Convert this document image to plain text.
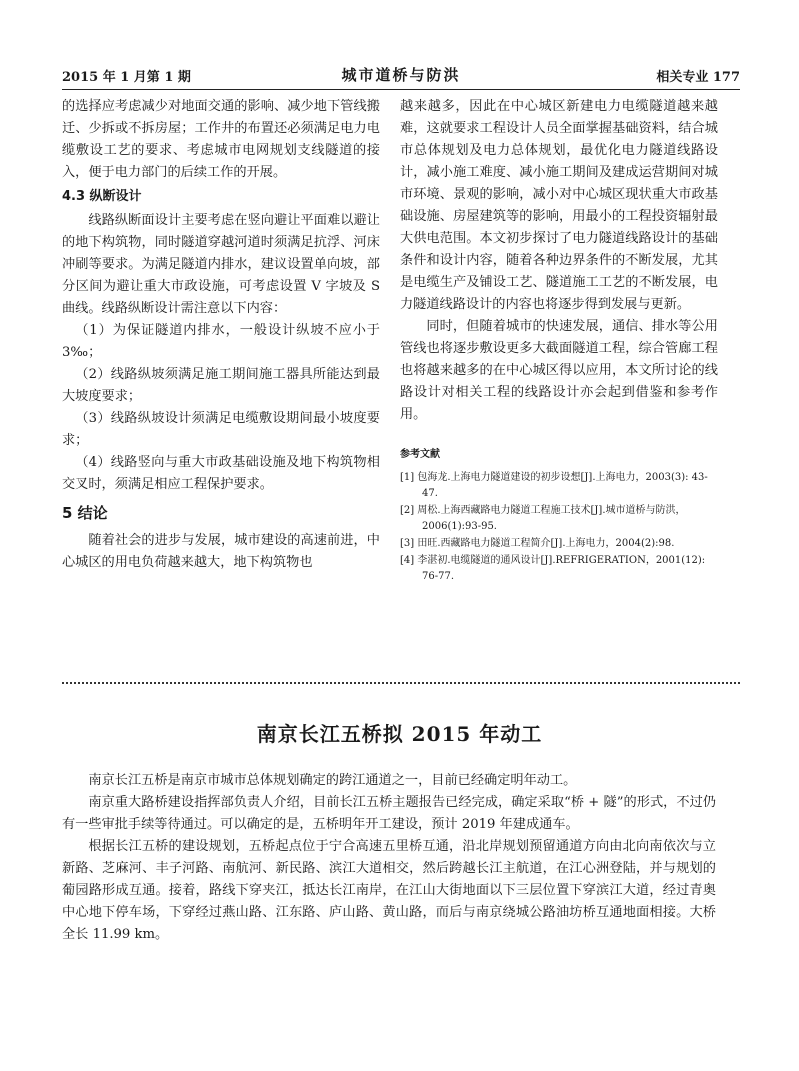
2015 年 1 月第 1 期	城市道桥与防洪	相关专业 177

的选择应考虑减少对地面交通的影响、减少地下管线搬迁、少拆或不拆房屋；工作井的布置还必须满足电力电缆敷设工艺的要求、考虑城市电网规划支线隧道的接入，便于电力部门的后续工作的开展。

4.3 纵断设计

线路纵断面设计主要考虑在竖向避让平面难以避让的地下构筑物，同时隧道穿越河道时须满足抗浮、河床冲刷等要求。为满足隧道内排水，建议设置单向坡，部分区间为避让重大市政设施，可考虑设置 V 字坡及 S 曲线。线路纵断设计需注意以下内容：

（1）为保证隧道内排水，一般设计纵坡不应小于 3‰；

（2）线路纵坡须满足施工期间施工器具所能达到最大坡度要求；

（3）线路纵坡设计须满足电缆敷设期间最小坡度要求；

（4）线路竖向与重大市政基础设施及地下构筑物相交叉时，须满足相应工程保护要求。

5 结论

随着社会的进步与发展，城市建设的高速前进，中心城区的用电负荷越来越大，地下构筑物也

越来越多，因此在中心城区新建电力电缆隧道越来越难，这就要求工程设计人员全面掌握基础资料，结合城市总体规划及电力总体规划，最优化电力隧道线路设计，减小施工难度、减小施工期间及建成运营期间对城市环境、景观的影响，减小对中心城区现状重大市政基础设施、房屋建筑等的影响，用最小的工程投资辐射最大供电范围。本文初步探讨了电力隧道线路设计的基础条件和设计内容，随着各种边界条件的不断发展，尤其是电缆生产及铺设工艺、隧道施工工艺的不断发展，电力隧道线路设计的内容也将逐步得到发展与更新。

同时，但随着城市的快速发展，通信、排水等公用管线也将逐步敷设更多大截面隧道工程，综合管廊工程也将越来越多的在中心城区得以应用，本文所讨论的线路设计对相关工程的线路设计亦会起到借鉴和参考作用。

参考文献

[1] 包海龙.上海电力隧道建设的初步设想[J].上海电力，2003(3): 43-47.

[2] 周松.上海西藏路电力隧道工程施工技术[J].城市道桥与防洪，2006(1):93-95.

[3] 田旺.西藏路电力隧道工程简介[J].上海电力，2004(2):98.

[4] 李湛初.电缆隧道的通风设计[J].REFRIGERATION，2001(12): 76-77.

南京长江五桥拟 2015 年动工

南京长江五桥是南京市城市总体规划确定的跨江通道之一，目前已经确定明年动工。

南京重大路桥建设指挥部负责人介绍，目前长江五桥主题报告已经完成，确定采取“桥 + 隧”的形式，不过仍有一些审批手续等待通过。可以确定的是，五桥明年开工建设，预计 2019 年建成通车。

根据长江五桥的建设规划，五桥起点位于宁合高速五里桥互通，沿北岸规划预留通道方向由北向南依次与立新路、芝麻河、丰子河路、南航河、新民路、滨江大道相交，然后跨越长江主航道，在江心洲登陆，并与规划的葡园路形成互通。接着，路线下穿夹江，抵达长江南岸，在江山大街地面以下三层位置下穿滨江大道，经过青奥中心地下停车场，下穿经过燕山路、江东路、庐山路、黄山路，而后与南京绕城公路油坊桥互通地面相接。大桥全长 11.99 km。
